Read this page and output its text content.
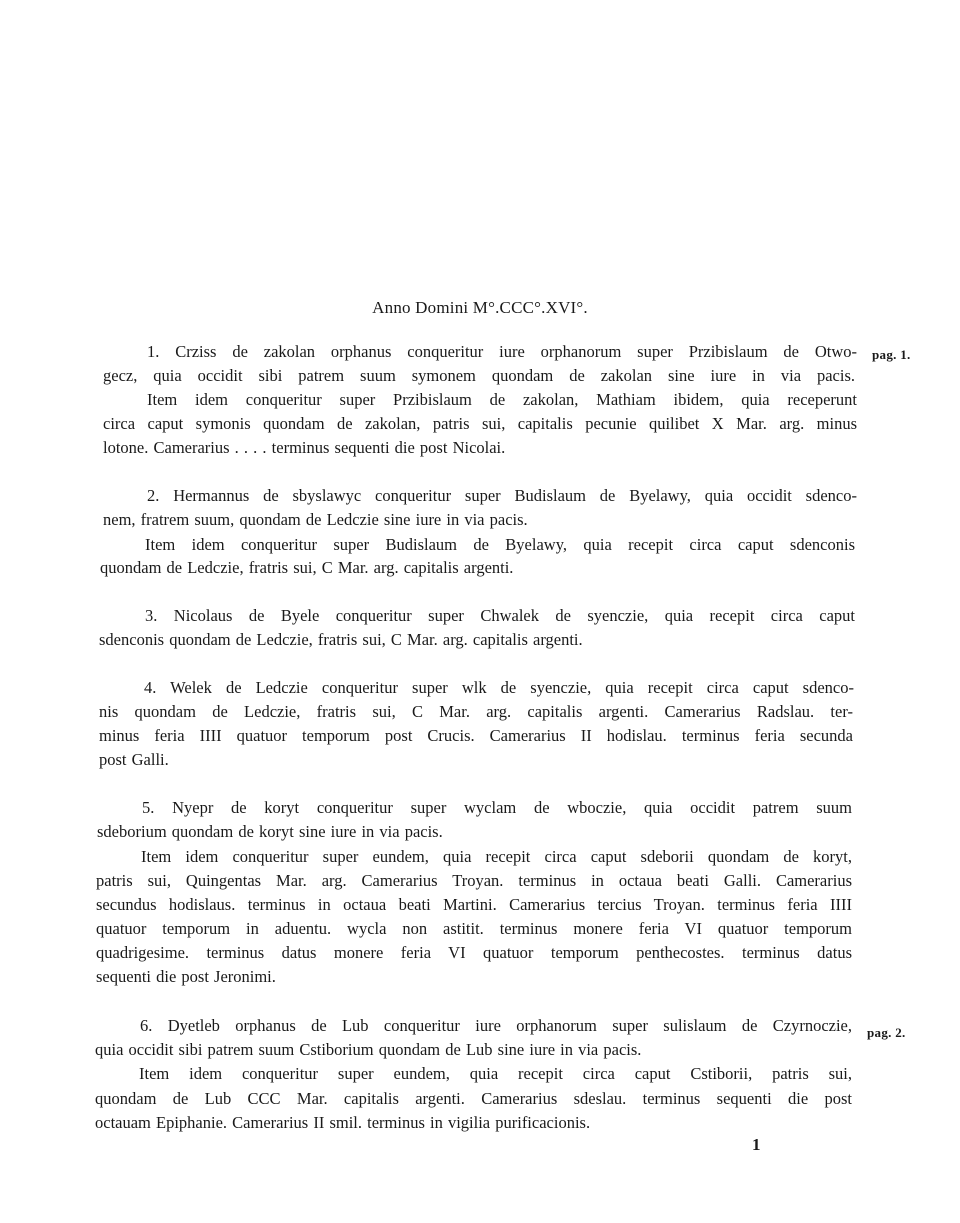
Anno Domini M°.CCC°.XVI°.
1. Crziss de zakolan orphanus conqueritur iure orphanorum super Przibislaum de Otwo-
gecz, quia occidit sibi patrem suum symonem quondam de zakolan sine iure in via pacis.
Item idem conqueritur super Przibislaum de zakolan, Mathiam ibidem, quia receperunt
circa caput symonis quondam de zakolan, patris sui, capitalis pecunie quilibet X Mar. arg. minus
lotone. Camerarius . . . . terminus sequenti die post Nicolai.
pag. 1.
2. Hermannus de sbyslawyc conqueritur super Budislaum de Byelawy, quia occidit sdenco-
nem, fratrem suum, quondam de Ledczie sine iure in via pacis.
Item idem conqueritur super Budislaum de Byelawy, quia recepit circa caput sdenconis
quondam de Ledczie, fratris sui, C Mar. arg. capitalis argenti.
3. Nicolaus de Byele conqueritur super Chwalek de syenczie, quia recepit circa caput
sdenconis quondam de Ledczie, fratris sui, C Mar. arg. capitalis argenti.
4. Welek de Ledczie conqueritur super wlk de syenczie, quia recepit circa caput sdenco-
nis quondam de Ledczie, fratris sui, C Mar. arg. capitalis argenti. Camerarius Radslau. ter-
minus feria IIII quatuor temporum post Crucis. Camerarius II hodislau. terminus feria secunda
post Galli.
5. Nyepr de koryt conqueritur super wyclam de wboczie, quia occidit patrem suum
sdeborium quondam de koryt sine iure in via pacis.
Item idem conqueritur super eundem, quia recepit circa caput sdeborii quondam de koryt,
patris sui, Quingentas Mar. arg. Camerarius Troyan. terminus in octaua beati Galli. Camerarius
secundus hodislaus. terminus in octaua beati Martini. Camerarius tercius Troyan. terminus feria IIII
quatuor temporum in aduentu. wycla non astitit. terminus monere feria VI quatuor temporum
quadrigesime. terminus datus monere feria VI quatuor temporum penthecostes. terminus datus
sequenti die post Jeronimi.
6. Dyetleb orphanus de Lub conqueritur iure orphanorum super sulislaum de Czyrnoczie,
quia occidit sibi patrem suum Cstiborium quondam de Lub sine iure in via pacis.
Item idem conqueritur super eundem, quia recepit circa caput Cstiborii, patris sui,
quondam de Lub CCC Mar. capitalis argenti. Camerarius sdeslau. terminus sequenti die post
octauam Epiphanie. Camerarius II smil. terminus in vigilia purificacionis.
pag. 2.
1
